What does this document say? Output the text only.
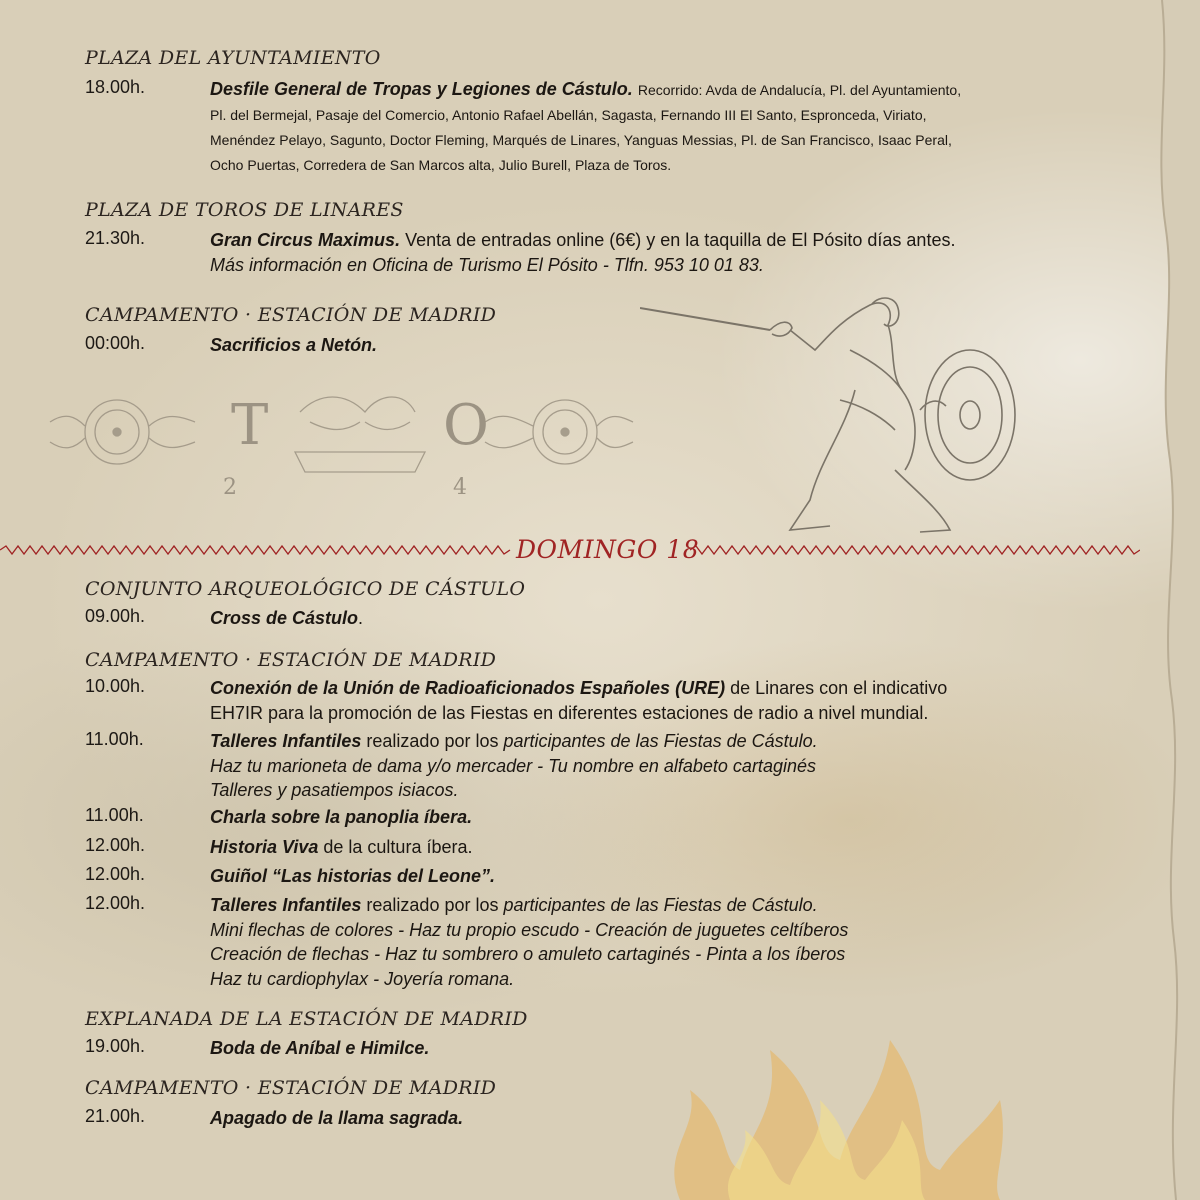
T	O
2	4
PLAZA DEL AYUNTAMIENTO
18.00h.	Desfile General de Tropas y Legiones de Cástulo. Recorrido: Avda de Andalucía, Pl. del Ayuntamiento,
Pl. del Bermejal, Pasaje del Comercio, Antonio Rafael Abellán, Sagasta, Fernando III El Santo, Espronceda, Viriato,
Menéndez Pelayo, Sagunto, Doctor Fleming, Marqués de Linares, Yanguas Messias, Pl. de San Francisco, Isaac Peral,
Ocho Puertas, Corredera de San Marcos alta, Julio Burell, Plaza de Toros.
PLAZA DE TOROS DE LINARES
21.30h.	Gran Circus Maximus. Venta de entradas online (6€) y en la taquilla de El Pósito días antes.
Más información en Oficina de Turismo El Pósito - Tlfn. 953 10 01 83.
CAMPAMENTO · ESTACIÓN DE MADRID
00:00h.	Sacrificios a Netón.
DOMINGO 18
CONJUNTO ARQUEOLÓGICO DE CÁSTULO
09.00h.	Cross de Cástulo.
CAMPAMENTO · ESTACIÓN DE MADRID
10.00h.	Conexión de la Unión de Radioaficionados Españoles (URE) de Linares con el indicativo
EH7IR para la promoción de las Fiestas en diferentes estaciones de radio a nivel mundial.
11.00h.	Talleres Infantiles realizado por los participantes de las Fiestas de Cástulo.
Haz tu marioneta de dama y/o mercader - Tu nombre en alfabeto cartaginés
Talleres y pasatiempos isiacos.
11.00h.	Charla sobre la panoplia íbera.
12.00h.	Historia Viva de la cultura íbera.
12.00h.	Guiñol “Las historias del Leone”.
12.00h.	Talleres Infantiles realizado por los participantes de las Fiestas de Cástulo.
Mini flechas de colores - Haz tu propio escudo - Creación de juguetes celtíberos
Creación de flechas - Haz tu sombrero o amuleto cartaginés - Pinta a los íberos
Haz tu cardiophylax - Joyería romana.
EXPLANADA DE LA ESTACIÓN DE MADRID
19.00h.	Boda de Aníbal e Himilce.
CAMPAMENTO · ESTACIÓN DE MADRID
21.00h.	Apagado de la llama sagrada.
